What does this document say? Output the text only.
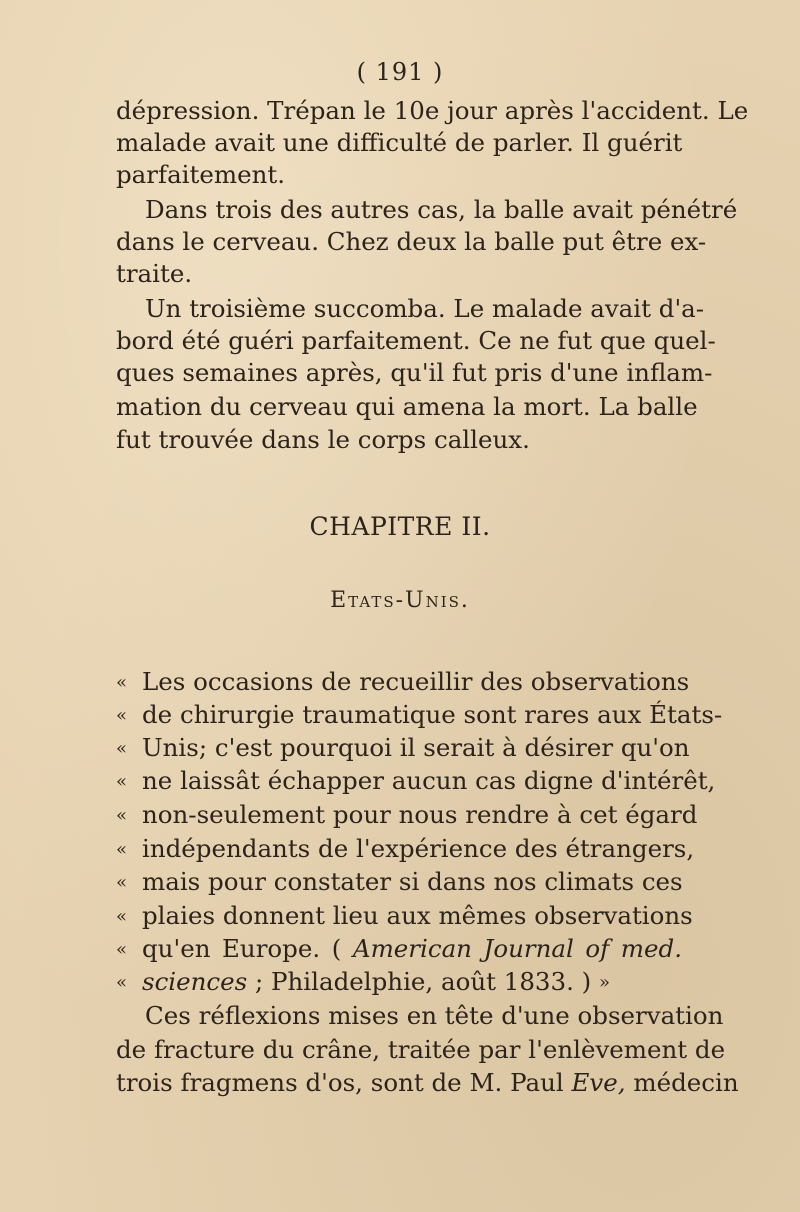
( 191 )
dépression. Trépan le 10e jour après l'accident. Le
malade avait une difficulté de parler. Il guérit
parfaitement.
Dans trois des autres cas, la balle avait pénétré
dans le cerveau. Chez deux la balle put être ex-
traite.
Un troisième succomba. Le malade avait d'a-
bord été guéri parfaitement. Ce ne fut que quel-
ques semaines après, qu'il fut pris d'une inflam-
mation du cerveau qui amena la mort. La balle
fut trouvée dans le corps calleux.
CHAPITRE II.
Etats-Unis.
« Les occasions de recueillir des observations
« de chirurgie traumatique sont rares aux États-
« Unis; c'est pourquoi il serait à désirer qu'on
« ne laissât échapper aucun cas digne d'intérêt,
« non-seulement pour nous rendre à cet égard
« indépendants de l'expérience des étrangers,
« mais pour constater si dans nos climats ces
« plaies donnent lieu aux mêmes observations
« qu'en Europe. ( American Journal of med.
« sciences ; Philadelphie, août 1833. ) »
Ces réflexions mises en tête d'une observation
de fracture du crâne, traitée par l'enlèvement de
trois fragmens d'os, sont de M. Paul Eve, médecin
